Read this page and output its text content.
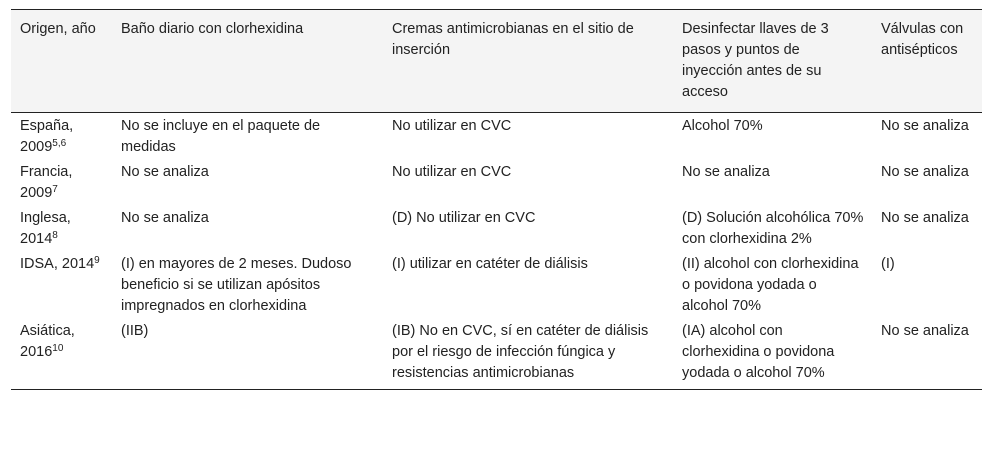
Origen, año	Baño diario con clorhexidina	Cremas antimicrobianas en el sitio de inserción	Desinfectar llaves de 3 pasos y puntos de inyección antes de su acceso	Válvulas con antisépticos
España, 2009$^{5,6}$	No se incluye en el paquete de medidas	No utilizar en CVC	Alcohol 70%	No se analiza
Francia, 2009$^7$	No se analiza	No utilizar en CVC	No se analiza	No se analiza
Inglesa, 2014$^8$	No se analiza	(D) No utilizar en CVC	(D) Solución alcohólica 70% con clorhexidina 2%	No se analiza
IDSA, 2014$^9$	(I) en mayores de 2 meses. Dudoso beneficio si se utilizan apósitos impregnados en clorhexidina	(I) utilizar en catéter de diálisis	(II) alcohol con clorhexidina o povidona yodada o alcohol 70%	(I)
Asiática, 2016$^{10}$	(IIB)	(IB) No en CVC, sí en catéter de diálisis por el riesgo de infección fúngica y resistencias antimicrobianas	(IA) alcohol con clorhexidina o povidona yodada o alcohol 70%	No se analiza
